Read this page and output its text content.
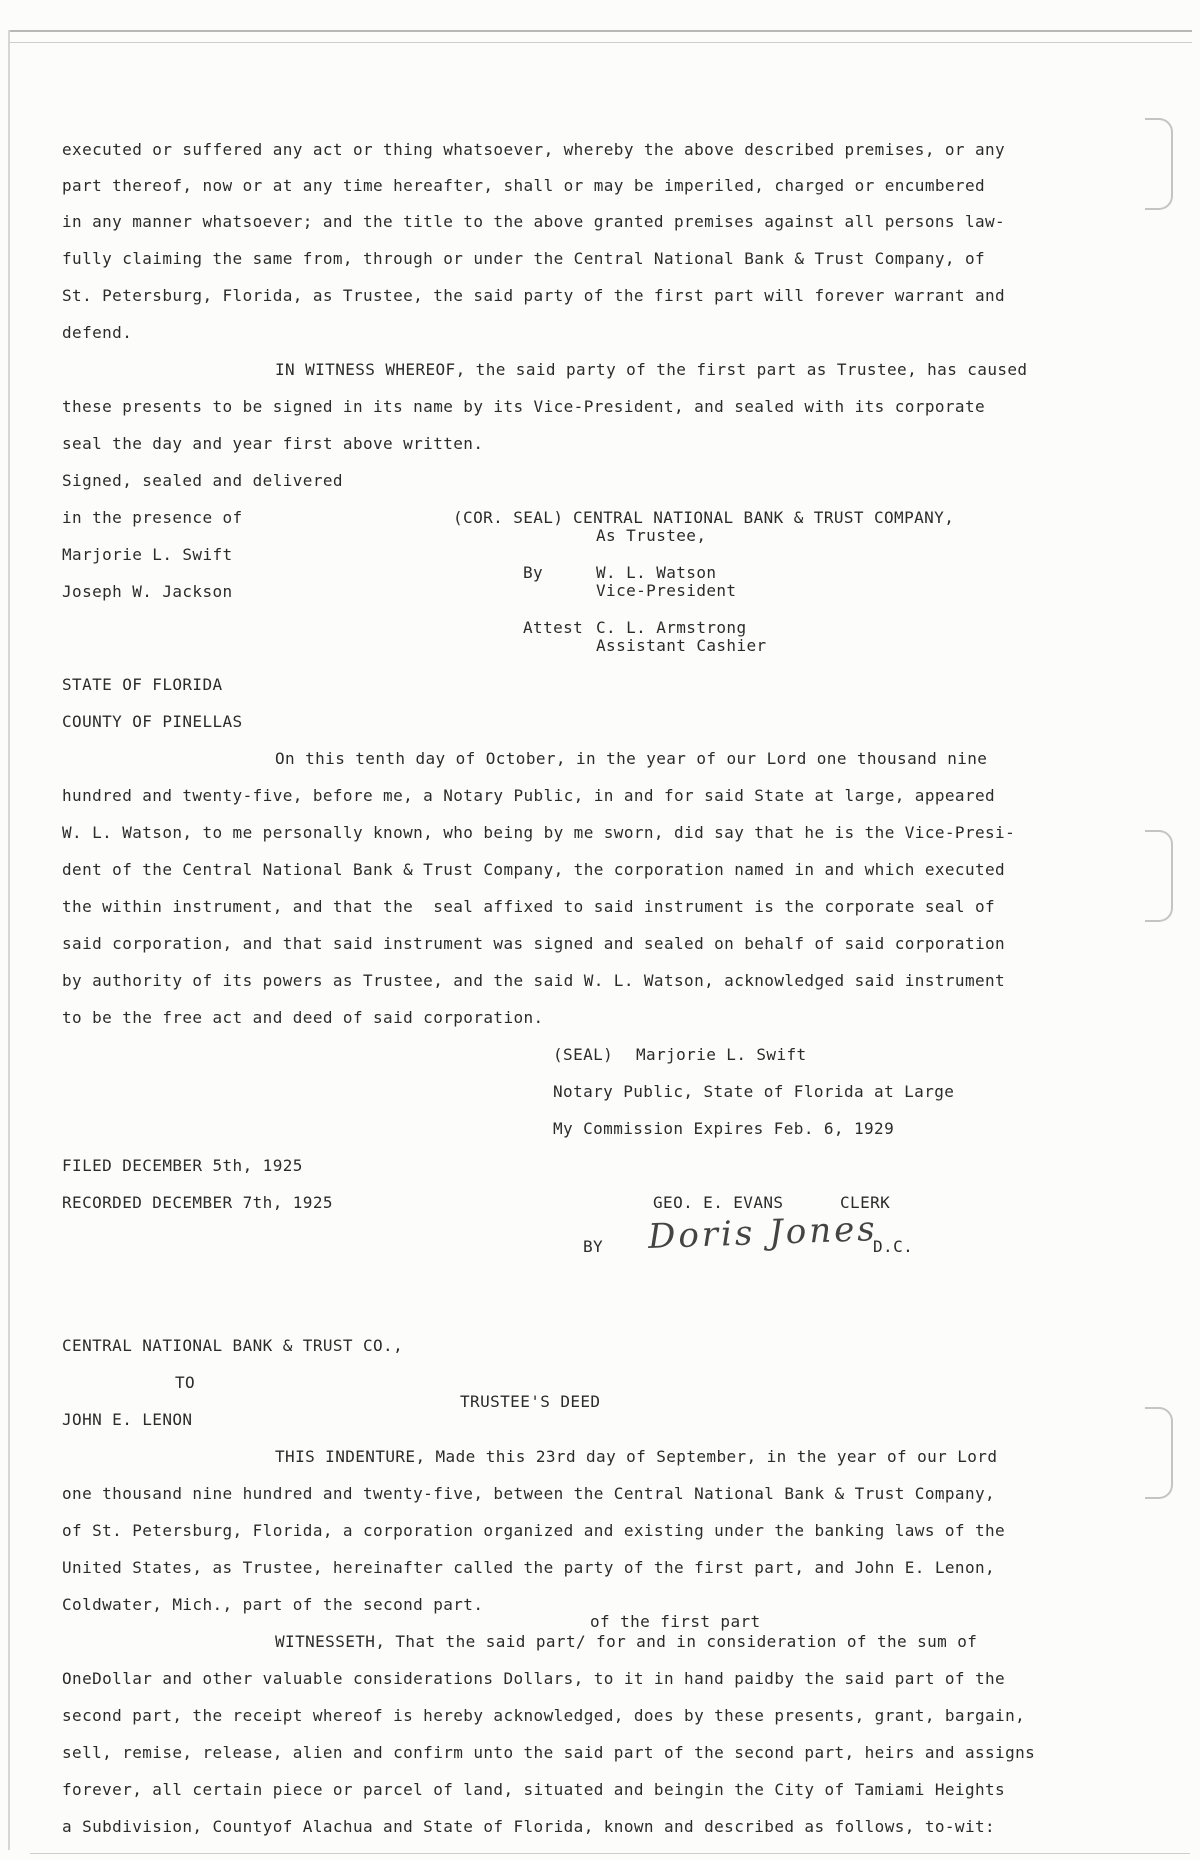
executed or suffered any act or thing whatsoever, whereby the above described premises, or any
part thereof, now or at any time hereafter, shall or may be imperiled, charged or encumbered
in any manner whatsoever; and the title to the above granted premises against all persons law-
fully claiming the same from, through or under the Central National Bank & Trust Company, of
St. Petersburg, Florida, as Trustee, the said party of the first part will forever warrant and
defend.
IN WITNESS WHEREOF, the said party of the first part as Trustee, has caused
these presents to be signed in its name by its Vice-President, and sealed with its corporate
seal the day and year first above written.
Signed, sealed and delivered
in the presence of
Marjorie L. Swift
Joseph W. Jackson
(COR. SEAL) CENTRAL NATIONAL BANK & TRUST COMPANY,
As Trustee,
By	W. L. Watson
Vice-President
Attest C. L. Armstrong
Assistant Cashier
STATE OF FLORIDA
COUNTY OF PINELLAS
On this tenth day of October, in the year of our Lord one thousand nine
hundred and twenty-five, before me, a Notary Public, in and for said State at large, appeared
W. L. Watson, to me personally known, who being by me sworn, did say that he is the Vice-Presi-
dent of the Central National Bank & Trust Company, the corporation named in and which executed
the within instrument, and that the  seal affixed to said instrument is the corporate seal of
said corporation, and that said instrument was signed and sealed on behalf of said corporation
by authority of its powers as Trustee, and the said W. L. Watson, acknowledged said instrument
to be the free act and deed of said corporation.
(SEAL) Marjorie L. Swift
Notary Public, State of Florida at Large
My Commission Expires Feb. 6, 1929
FILED DECEMBER 5th, 1925
RECORDED DECEMBER 7th, 1925	GEO. E. EVANS	CLERK
BY Doris Jones
D.C.
CENTRAL NATIONAL BANK & TRUST CO.,
TO
TRUSTEE'S DEED
JOHN E. LENON
THIS INDENTURE, Made this 23rd day of September, in the year of our Lord
one thousand nine hundred and twenty-five, between the Central National Bank & Trust Company,
of St. Petersburg, Florida, a corporation organized and existing under the banking laws of the
United States, as Trustee, hereinafter called the party of the first part, and John E. Lenon,
Coldwater, Mich., part of the second part.
of the first part
WITNESSETH, That the said part/ for and in consideration of the sum of
OneDollar and other valuable considerations Dollars, to it in hand paidby the said part of the
second part, the receipt whereof is hereby acknowledged, does by these presents, grant, bargain,
sell, remise, release, alien and confirm unto the said part of the second part, heirs and assigns
forever, all certain piece or parcel of land, situated and beingin the City of Tamiami Heights
a Subdivision, Countyof Alachua and State of Florida, known and described as follows, to-wit:
